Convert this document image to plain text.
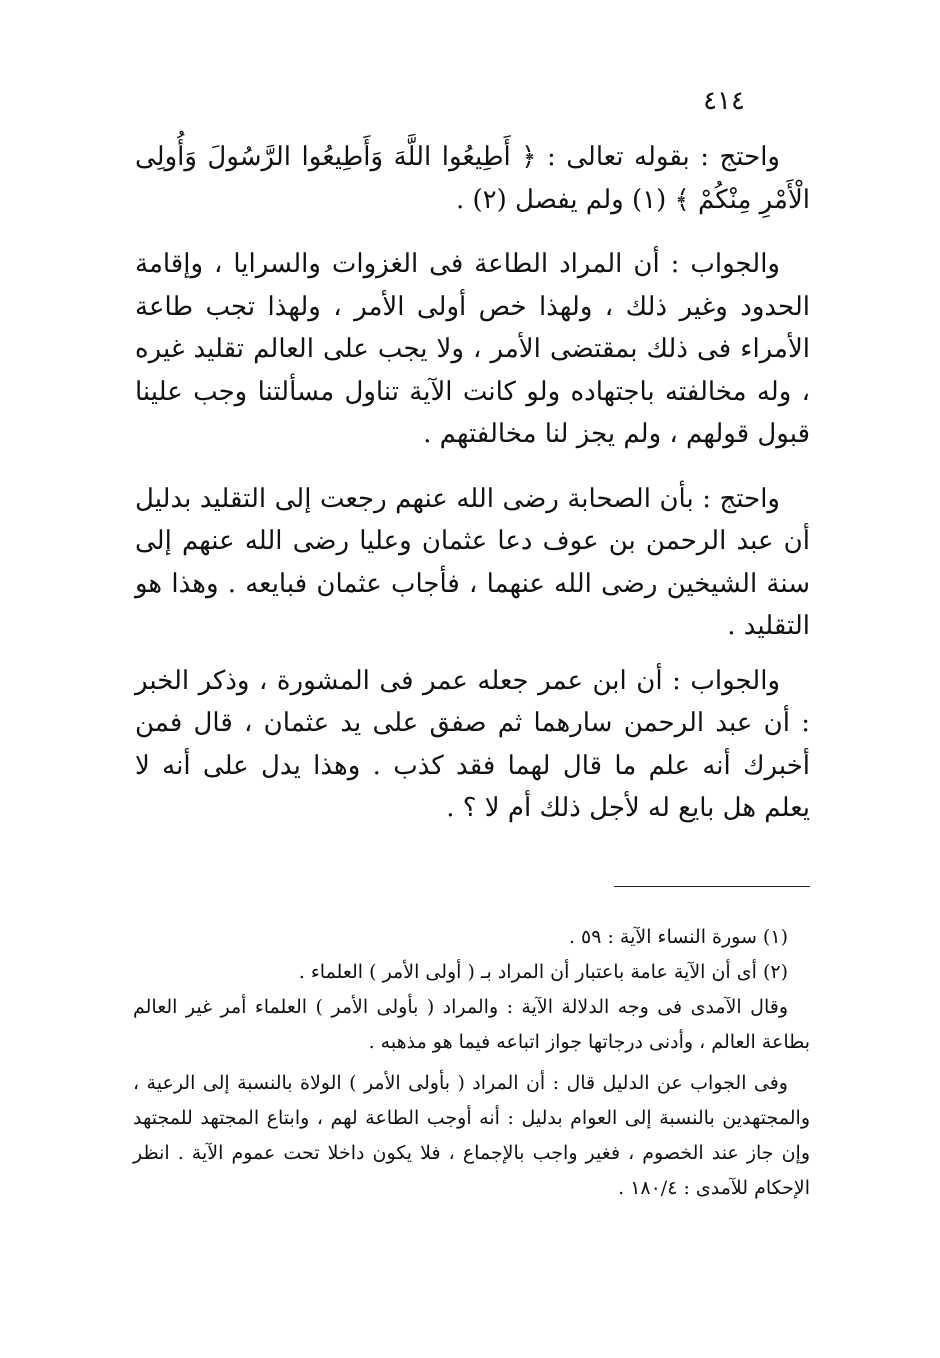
٤١٤

واحتج : بقوله تعالى : ﴿ أَطِيعُوا اللَّهَ وَأَطِيعُوا الرَّسُولَ وَأُولِى الْأَمْرِ مِنْكُمْ ﴾ (١) ولم يفصل (٢) .

والجواب : أن المراد الطاعة فى الغزوات والسرايا ، وإقامة الحدود وغير ذلك ، ولهذا خص أولى الأمر ، ولهذا تجب طاعة الأمراء فى ذلك بمقتضى الأمر ، ولا يجب على العالم تقليد غيره ، وله مخالفته باجتهاده ولو كانت الآية تناول مسألتنا وجب علينا قبول قولهم ، ولم يجز لنا مخالفتهم .

واحتج : بأن الصحابة رضى الله عنهم رجعت إلى التقليد بدليل أن عبد الرحمن بن عوف دعا عثمان وعليا رضى الله عنهم إلى سنة الشيخين رضى الله عنهما ، فأجاب عثمان فبايعه . وهذا هو التقليد .

والجواب : أن ابن عمر جعله عمر فى المشورة ، وذكر الخبر : أن عبد الرحمن سارهما ثم صفق على يد عثمان ، قال فمن أخبرك أنه علم ما قال لهما فقد كذب . وهذا يدل على أنه لا يعلم هل بايع له لأجل ذلك أم لا ؟ .

(١) سورة النساء الآية : ٥٩ .

(٢) أى أن الآية عامة باعتبار أن المراد بـ ( أولى الأمر ) العلماء .

وقال الآمدى فى وجه الدلالة الآية : والمراد ( بأولى الأمر ) العلماء أمر غير العالم بطاعة العالم ، وأدنى درجاتها جواز اتباعه فيما هو مذهبه .

وفى الجواب عن الدليل قال : أن المراد ( بأولى الأمر ) الولاة بالنسبة إلى الرعية ، والمجتهدين بالنسبة إلى العوام بدليل : أنه أوجب الطاعة لهم ، وابتاع المجتهد للمجتهد وإن جاز عند الخصوم ، فغير واجب بالإجماع ، فلا يكون داخلا تحت عموم الآية . انظر الإحكام للآمدى : ١٨٠/٤ .
